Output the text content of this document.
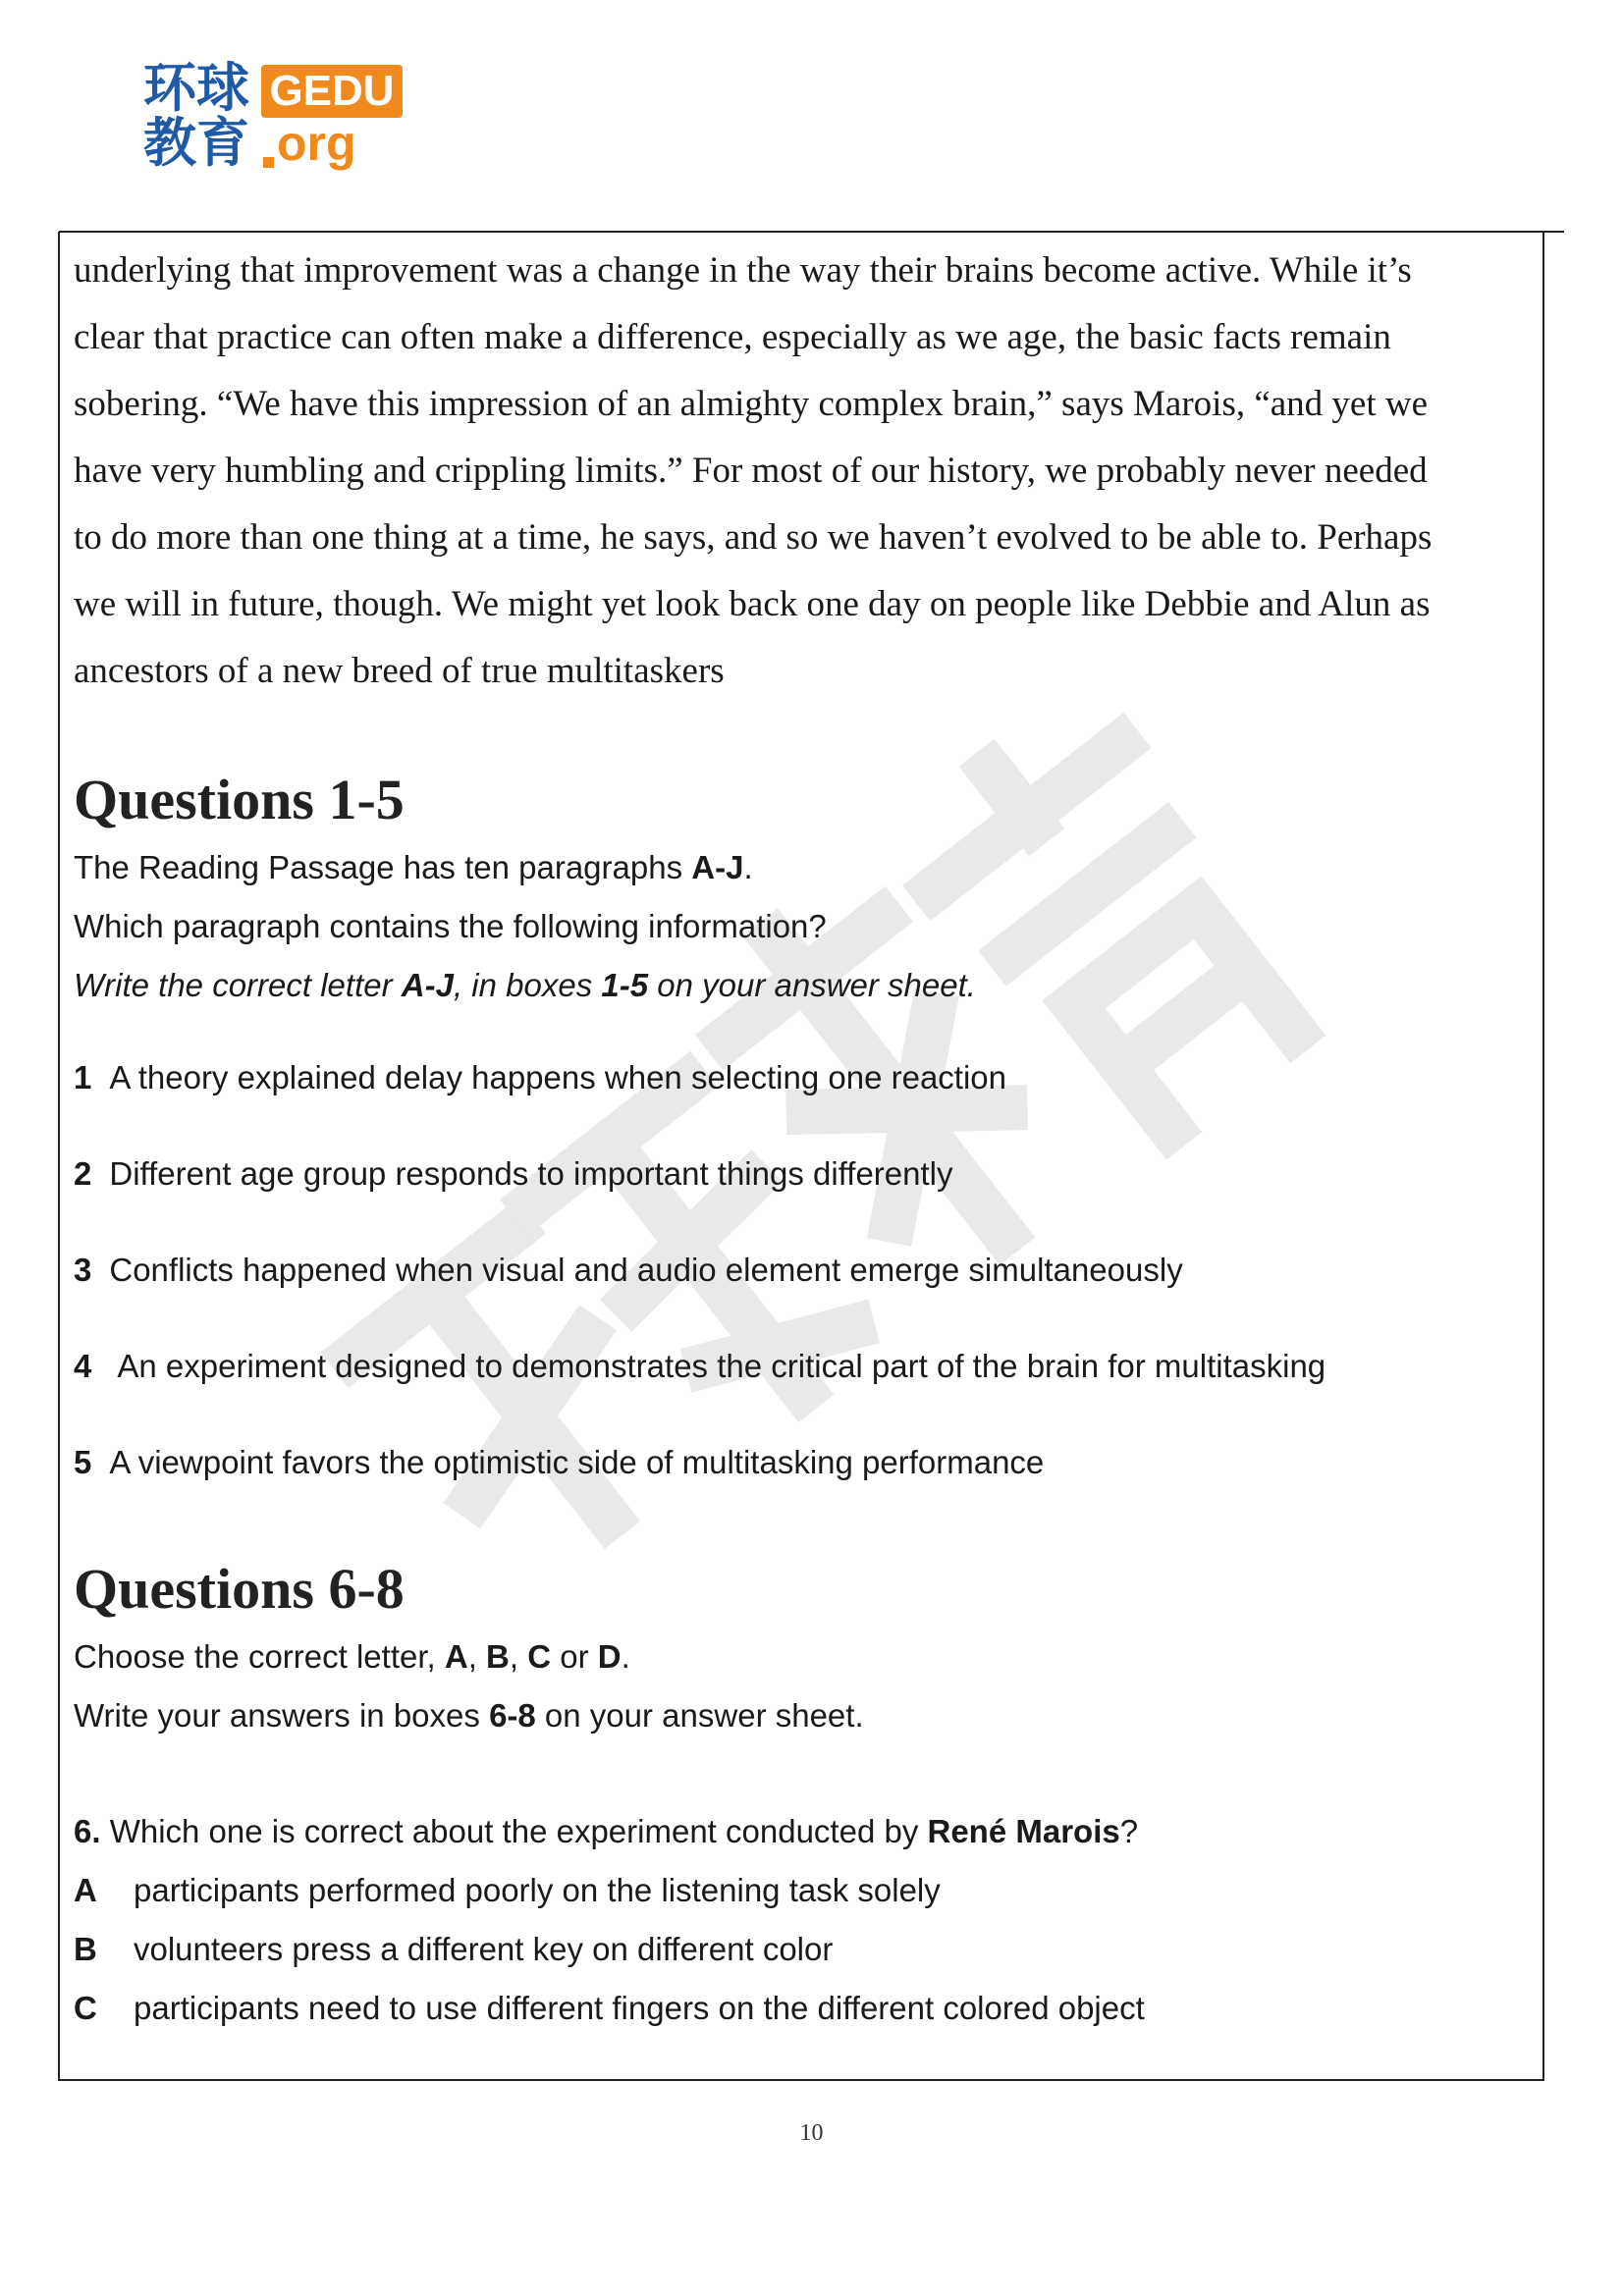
环球
教育
GEDU
org

underlying that improvement was a change in the way their brains become active. While it’s

clear that practice can often make a difference, especially as we age, the basic facts remain

sobering. “We have this impression of an almighty complex brain,” says Marois, “and yet we

have very humbling and crippling limits.” For most of our history, we probably never needed

to do more than one thing at a time, he says, and so we haven’t evolved to be able to. Perhaps

we will in future, though. We might yet look back one day on people like Debbie and Alun as

ancestors of a new breed of true multitaskers

Questions 1-5

The Reading Passage has ten paragraphs A-J.

Which paragraph contains the following information?

Write the correct letter A-J, in boxes 1-5 on your answer sheet.

1 A theory explained delay happens when selecting one reaction
2 Different age group responds to important things differently
3 Conflicts happened when visual and audio element emerge simultaneously
4 An experiment designed to demonstrates the critical part of the brain for multitasking
5 A viewpoint favors the optimistic side of multitasking performance
Questions 6-8

Choose the correct letter, A, B, C or D.

Write your answers in boxes 6-8 on your answer sheet.

6. Which one is correct about the experiment conducted by René Marois?

A	participants performed poorly on the listening task solely
B	volunteers press a different key on different color
C	participants need to use different fingers on the different colored object
10
